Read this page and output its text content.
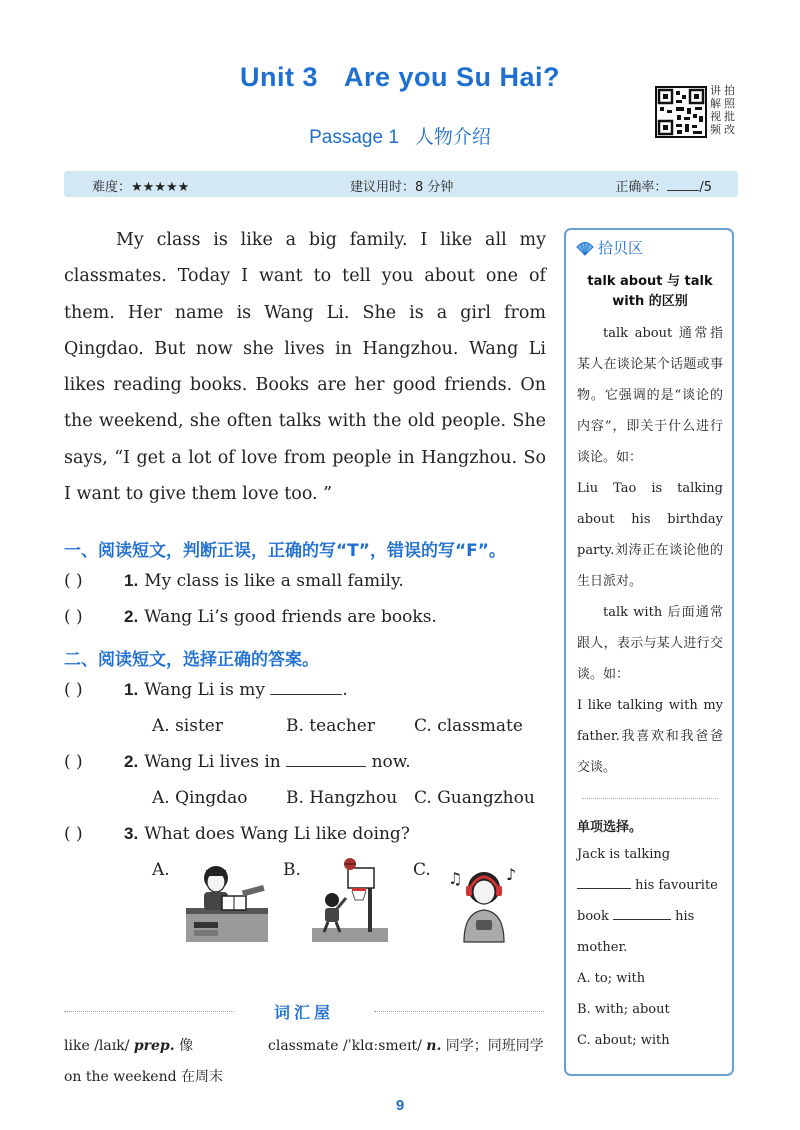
Unit 3 Are you Su Hai?
Passage 1 人物介绍
讲 拍
解 照
视 批
频 改
难度：★★★★★	建议用时：8 分钟	正确率： /5

My class is like a big family. I like all my classmates. Today I want to tell you about one of them. Her name is Wang Li. She is a girl from Qingdao. But now she lives in Hangzhou. Wang Li likes reading books. Books are her good friends. On the weekend, she often talks with the old people. She says, “I get a lot of love from people in Hangzhou. So I want to give them love too. ”

一、阅读短文，判断正误，正确的写“T”，错误的写“F”。
( ) 1. My class is like a small family.
( ) 2. Wang Li’s good friends are books.
二、阅读短文，选择正确的答案。
( ) 1. Wang Li is my	.
A. sister	B. teacher C. classmate
( ) 2. Wang Li lives in	now.
A. Qingdao B. Hangzhou C. Guangzhou
( ) 3. What does Wang Li like doing?
A.	B.	C. ♫	♪
词汇屋
like /laɪk/ prep. 像	classmate /ˈklɑːsmeɪt/ n. 同学；同班同学
on the weekend 在周末
拾贝区
talk about 与 talk with 的区别
talk about 通常指某人在谈论某个话题或事物。它强调的是“谈论的内容”，即关于什么进行谈论。如：
Liu Tao is talking about his birthday party.刘涛正在谈论他的生日派对。
talk with 后面通常跟人，表示与某人进行交谈。如：
I like talking with my father.我喜欢和我爸爸交谈。
单项选择。
Jack is talking  his favourite book	his mother.
A. to; with
B. with; about
C. about; with
9
